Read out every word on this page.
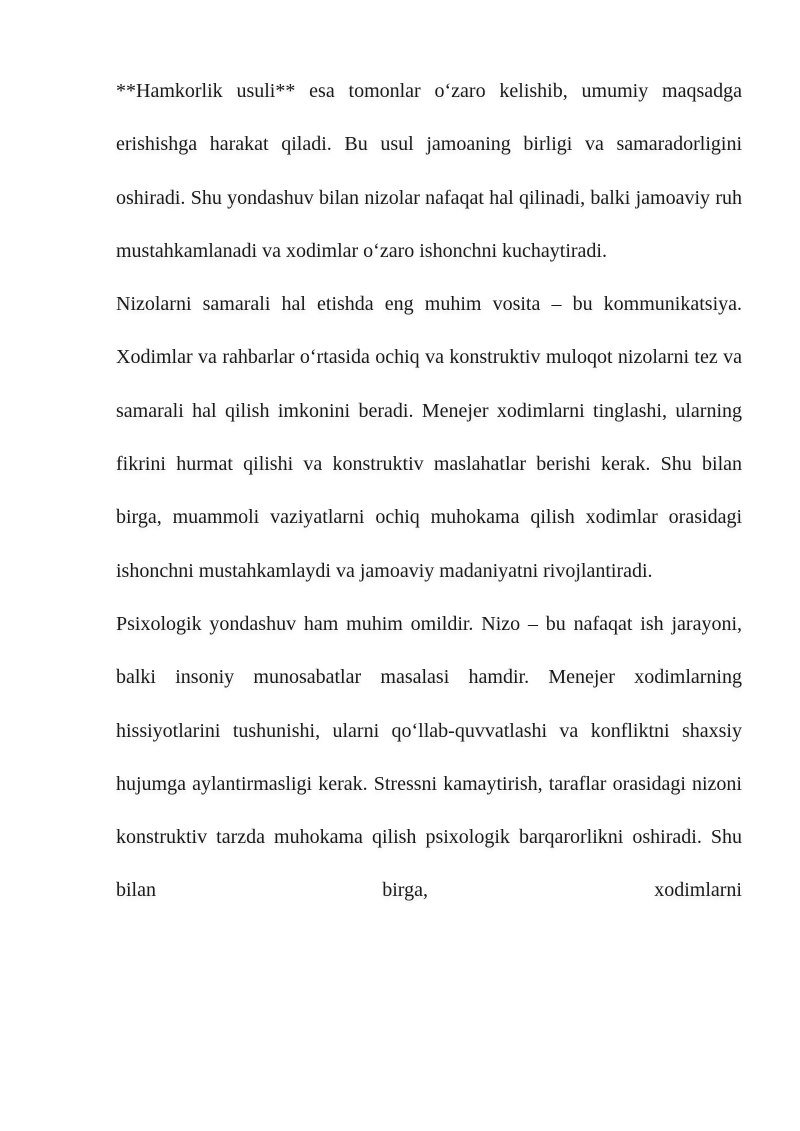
**Hamkorlik usuli** esa tomonlar o‘zaro kelishib, umumiy maqsadga erishishga harakat qiladi. Bu usul jamoaning birligi va samaradorligini oshiradi. Shu yondashuv bilan nizolar nafaqat hal qilinadi, balki jamoaviy ruh mustahkamlanadi va xodimlar o‘zaro ishonchni kuchaytiradi.

Nizolarni samarali hal etishda eng muhim vosita – bu kommunikatsiya. Xodimlar va rahbarlar o‘rtasida ochiq va konstruktiv muloqot nizolarni tez va samarali hal qilish imkonini beradi. Menejer xodimlarni tinglashi, ularning fikrini hurmat qilishi va konstruktiv maslahatlar berishi kerak. Shu bilan birga, muammoli vaziyatlarni ochiq muhokama qilish xodimlar orasidagi ishonchni mustahkamlaydi va jamoaviy madaniyatni rivojlantiradi.

Psixologik yondashuv ham muhim omildir. Nizo – bu nafaqat ish jarayoni, balki insoniy munosabatlar masalasi hamdir. Menejer xodimlarning hissiyotlarini tushunishi, ularni qo‘llab-quvvatlashi va konfliktni shaxsiy hujumga aylantirmasligi kerak. Stressni kamaytirish, taraflar orasidagi nizoni konstruktiv tarzda muhokama qilish psixologik barqarorlikni oshiradi. Shu bilan birga, xodimlarni
